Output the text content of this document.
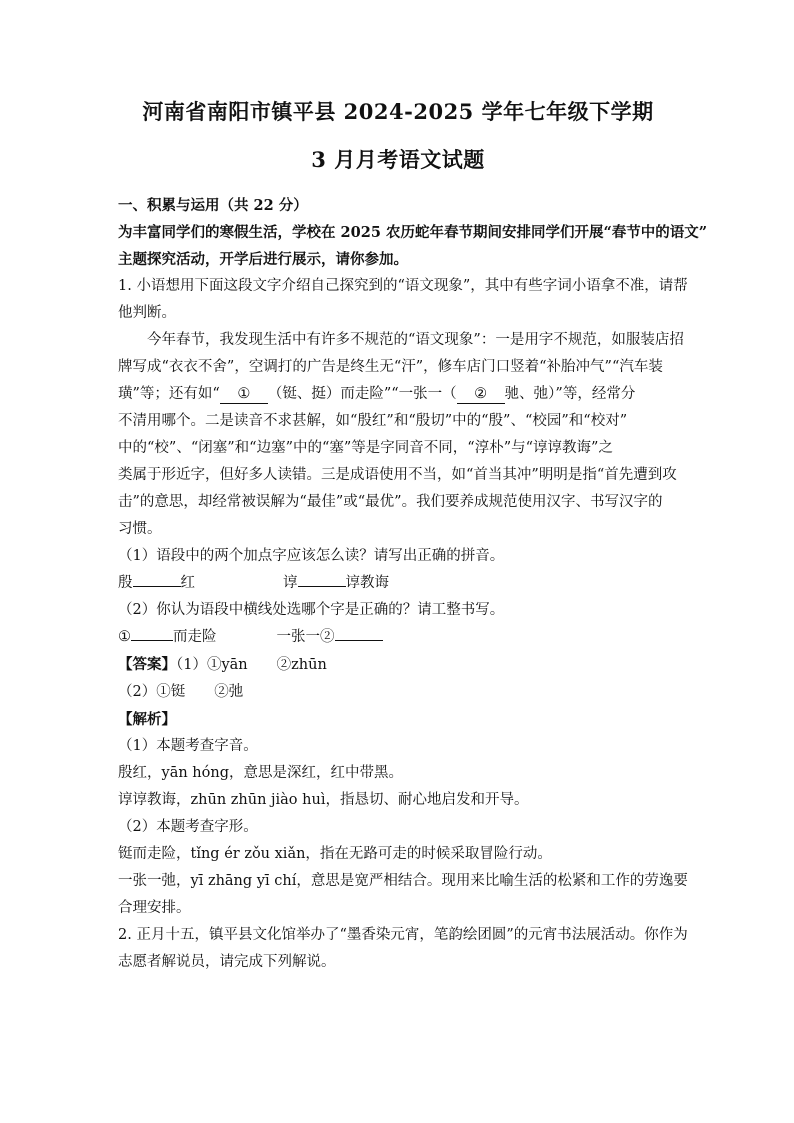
河南省南阳市镇平县 2024-2025 学年七年级下学期
3 月月考语文试题
一、积累与运用（共 22 分）
为丰富同学们的寒假生活，学校在 2025 农历蛇年春节期间安排同学们开展“春节中的语文”
主题探究活动，开学后进行展示，请你参加。
1. 小语想用下面这段文字介绍自己探究到的“语文现象”，其中有些字词小语拿不准，请帮
他判断。
今年春节，我发现生活中有许多不规范的“语文现象”：一是用字不规范，如服装店招
牌写成“衣衣不舍”，空调打的广告是终生无“汗”，修车店门口竖着“补胎冲气”“汽车装
璜”等；还有如“ ① （铤、挺）而走险”“一张一（ ② 驰、弛）”等，经常分
不清用哪个。二是读音不求甚解，如“殷红”和“殷切”中的“殷”、“校园”和“校对”
中的“校”、“闭塞”和“边塞”中的“塞”等是字同音不同，“淳朴”与“谆谆教诲”之
类属于形近字，但好多人读错。三是成语使用不当，如“首当其冲”明明是指“首先遭到攻
击”的意思，却经常被误解为“最佳”或“最优”。我们要养成规范使用汉字、书写汉字的
习惯。
（1）语段中的两个加点字应该怎么读？请写出正确的拼音。
殷	红	谆	谆教诲
（2）你认为语段中横线处选哪个字是正确的？请工整书写。
①	而走险	一张一②
【答案】（1）①yān　　②zhūn
（2）①铤　　②弛
【解析】
（1）本题考查字音。
殷红，yān hóng，意思是深红，红中带黑。
谆谆教诲，zhūn zhūn jiào huì，指恳切、耐心地启发和开导。
（2）本题考查字形。
铤而走险，tǐng ér zǒu xiǎn，指在无路可走的时候采取冒险行动。
一张一弛，yī zhāng yī chí，意思是宽严相结合。现用来比喻生活的松紧和工作的劳逸要
合理安排。
2. 正月十五，镇平县文化馆举办了“墨香染元宵，笔韵绘团圆”的元宵书法展活动。你作为
志愿者解说员，请完成下列解说。
